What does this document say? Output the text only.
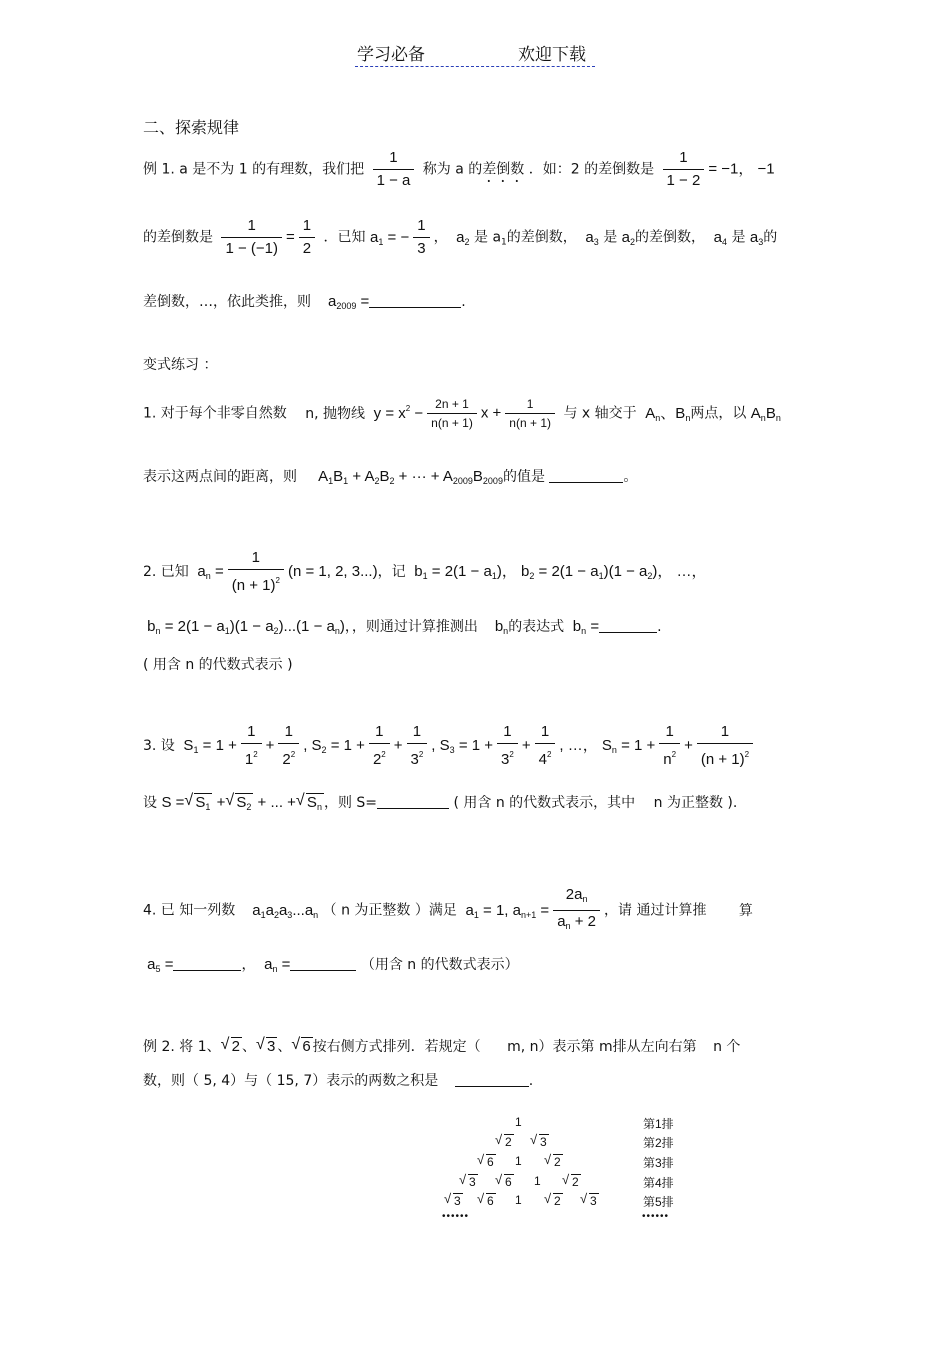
学习必备	欢迎下载
二、探索规律
例 1. a 是不为 1 的有理数，我们把 $\frac{1}{1 - a}$ 称为 a 的差倒数 ．如：2 的差倒数是 $\frac{1}{1 - 2} = -1$， −1
的差倒数是 $\frac{1}{1 - (-1)} = \frac{1}{2}$ ．已知 $a_1$ = − $\frac{1}{3}$ ，  $a_2$ 是 $a_1$的差倒数，  $a_3$ 是 $a_2$的差倒数，  $a_4$ 是 $a_3$的
差倒数，…，依此类推，则    $a_{2009}$ =	.
变式练习 ：
1. 对于每个非零自然数 n, 抛物线  $y = x^2 - \frac{2n + 1}{n(n + 1)}$ $x + \frac{1}{n(n + 1)}$ 与 x 轴交于  $A_n$、$B_n$两点，以 $A_nB_n$
表示这两点间的距离，则     $A_1B_1 + A_2B_2$ + ··· + $A_{2009}B_{2009}$的值是	。
2. 已知  $a_n = \frac{1}{(n + 1)^2} (n = 1$, 2, 3...)，记  $b_1 = 2(1 - a_1)$， $b_2 = 2(1 - a_1)(1 - a_2)$， …，
$b_n = 2(1 - a_1)(1 - a_2)...(1 - a_n)$，，则通过计算推测出    $b_n$的表达式  $b_n$ =	.
( 用含 n 的代数式表示 )
3. 设  $S_1 = 1 + \frac{1}{1^2} + \frac{1}{2^2}$ , $S_2 = 1 + \frac{1}{2^2} + \frac{1}{3^2}$ , $S_3 = 1 + \frac{1}{3^2} + \frac{1}{4^2}$ , …， $S_n = 1 + \frac{1}{n^2} + \frac{1}{(n + 1)^2}$
设 S = √ $S_1$ + √ $S_2$ + ... + √ $S_n$ ，则 S=	( 用含 n 的代数式表示，其中 n 为正整数 ).
4. 已 知一列数    $a_1a_2a_3...a_n$ （ n 为正整数 ）满足  $a_1 = 1$, $a_{n+1} = \frac{2a_n}{a_n + 2}$ ，请 通过计算推 算
$a_5$ =	，  $a_n$ =	（用含 n 的代数式表示）
例 2. 将 1、 √ 2 、 √ 3 、 √ 6 按右侧方式排列．若规定（ m, n）表示第 m排从左向右第 n 个
数，则（ 5, 4）与（ 15, 7）表示的两数之积是	.
1
√ 2 √ 3
√ 6 1	√ 2
√ 3 √ 6 1	√ 2
√ 3 √ 6 1	√ 2 √ 3
••••••
第1排
第2排
第3排
第4排
第5排
••••••
